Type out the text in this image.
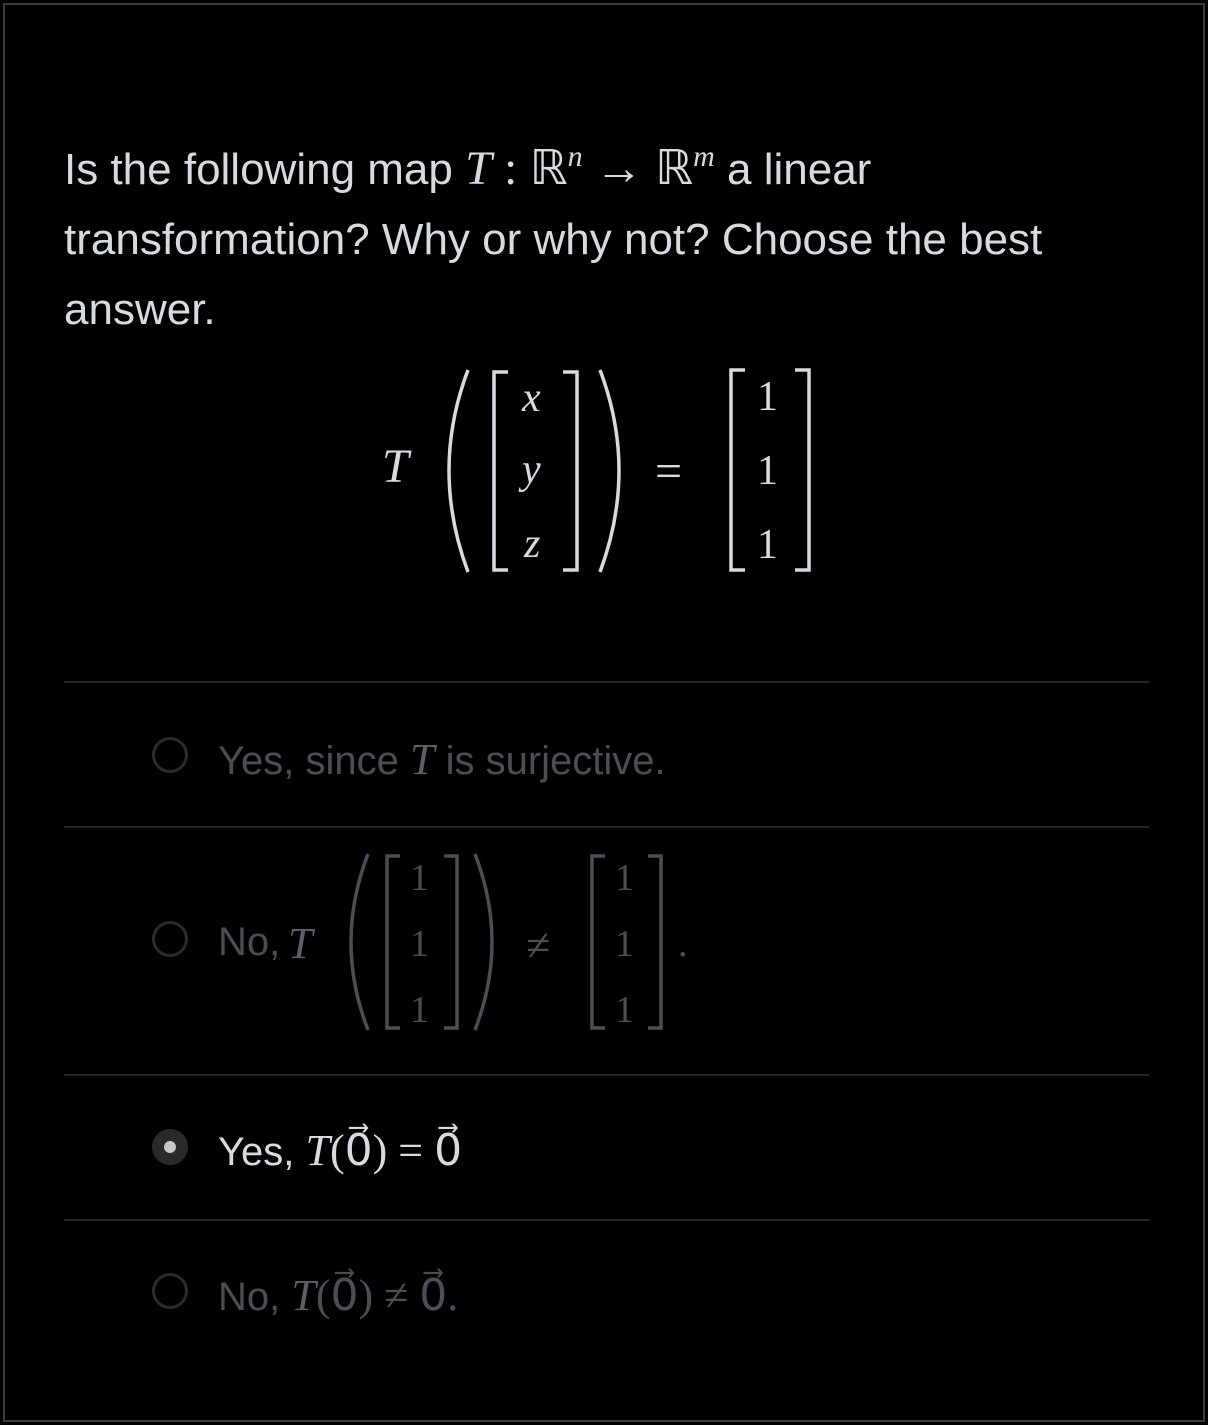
Is the following map T : ℝ$^n$ → ℝ$^m$ a linear transformation? Why or why not? Choose the best answer.
T
x
y
z
=
1
1
1
Yes, since T is surjective.
No, T
1
1
1
≠
1
1
1
.
Yes, T(0⃗) = 0⃗
No, T(0⃗) ≠ 0⃗.
